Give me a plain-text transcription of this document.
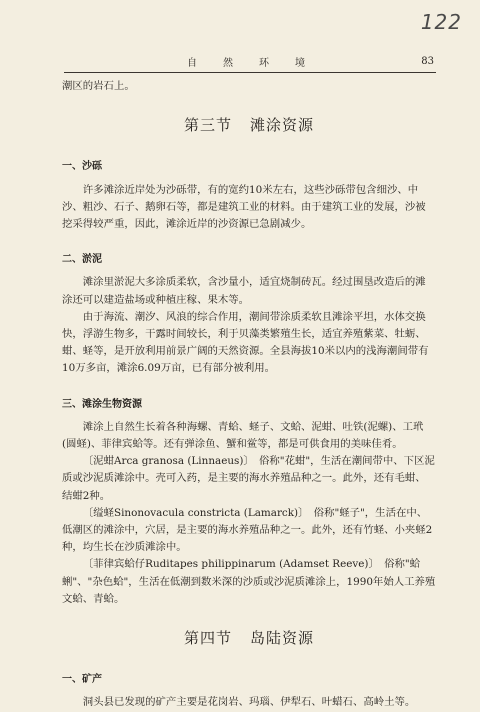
122
自　然　环　境	83

潮区的岩石上。

第三节 滩涂资源
一、沙砾

许多滩涂近岸处为沙砾带，有的宽约10米左右，这些沙砾带包含细沙、中沙、粗沙、石子、鹅卵石等，都是建筑工业的材料。由于建筑工业的发展，沙被挖采得较严重，因此，滩涂近岸的沙资源已急剧减少。

二、淤泥

滩涂里淤泥大多涂质柔软，含沙量小，适宜烧制砖瓦。经过围垦改造后的滩涂还可以建造盐场或种植庄稼、果木等。

由于海流、潮汐、风浪的综合作用，潮间带涂质柔软且滩涂平坦，水体交换快，浮游生物多，干露时间较长，利于贝藻类繁殖生长，适宜养殖紫菜、牡蛎、蚶、蛏等，是开放利用前景广阔的天然资源。全县海拔10米以内的浅海潮间带有10万多亩，滩涂6.09万亩，已有部分被利用。

三、滩涂生物资源

滩涂上自然生长着各种海螺、青蛤、蛏子、文蛤、泥蚶、吐铁(泥螺)、工玳(圆蛏)、菲律宾蛤等。还有弹涂鱼、蟹和鲎等，都是可供食用的美味佳肴。

〔泥蚶Arca granosa (Linnaeus)〕　俗称"花蚶"，生活在潮间带中、下区泥质或沙泥质滩涂中。壳可入药，是主要的海水养殖品种之一。此外，还有毛蚶、结蚶2种。

〔缢蛏Sinonovacula constricta (Lamarck)〕　俗称"蛏子"，生活在中、低潮区的滩涂中，穴居，是主要的海水养殖品种之一。此外，还有竹蛏、小夹蛏2种，均生长在沙质滩涂中。

〔菲律宾蛤仔Ruditapes philippinarum (Adamset Reeve)〕　俗称"蛤蜊"、"杂色蛤"，生活在低潮到数米深的沙质或沙泥质滩涂上，1990年始人工养殖文蛤、青蛤。

第四节 岛陆资源
一、矿产

洞头县已发现的矿产主要是花岗岩、玛瑙、伊犁石、叶蜡石、高岭土等。
